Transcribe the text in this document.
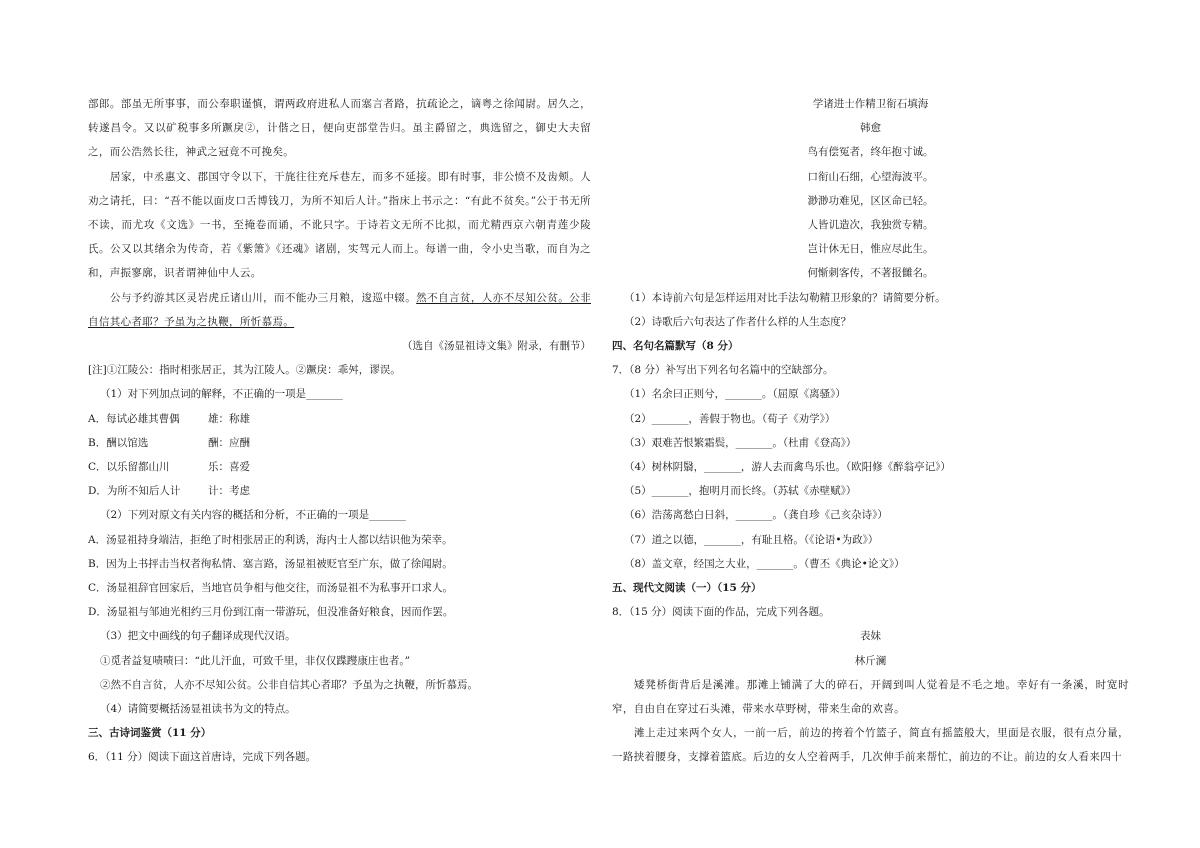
部郎。部虽无所事事，而公奉职谨慎，谓两政府进私人而塞言者路，抗疏论之，谪粤之徐闻尉。居久之，转遂昌令。又以矿税事多所蹶戾②，计偕之日，便向吏部堂告归。虽主爵留之，典选留之，御史大夫留之，而公浩然长往，神武之冠竟不可挽矣。

居家，中丞惠文、郡国守令以下，干旄往往充斥巷左，而多不延接。即有时事，非公愤不及齿颊。人劝之请托，曰：“吾不能以面皮口舌博钱刀，为所不知后人计。”指床上书示之：“有此不贫矣。”公于书无所不读，而尤攻《文选》一书，至掩卷而诵，不讹只字。于诗若文无所不比拟，而尤精西京六朝青莲少陵氏。公又以其绪余为传奇，若《紫箫》《还魂》诸剧，实驾元人而上。每谱一曲，令小史当歌，而自为之和，声振寥廓，识者谓神仙中人云。

公与予约游其区灵岩虎丘诸山川，而不能办三月粮，逡巡中辍。然不自言贫，人亦不尽知公贫。公非自信其心者耶？予虽为之执鞭，所忻慕焉。

（选自《汤显祖诗文集》附录，有删节）

[注]①江陵公：指时相张居正，其为江陵人。②蹶戾：乖舛，谬误。

（1）对下列加点词的解释，不正确的一项是_______

A．每试必雄其曹偶	雄：称雄

B．酬以馆选	酬：应酬

C．以乐留都山川	乐：喜爱

D．为所不知后人计	计：考虑

（2）下列对原文有关内容的概括和分析，不正确的一项是_______

A．汤显祖持身端洁，拒绝了时相张居正的利诱，海内士人都以结识他为荣幸。

B．因为上书抨击当权者徇私情、塞言路，汤显祖被贬官至广东，做了徐闻尉。

C．汤显祖辞官回家后，当地官员争相与他交往，而汤显祖不为私事开口求人。

D．汤显祖与邹迪光相约三月份到江南一带游玩，但没准备好粮食，因而作罢。

（3）把文中画线的句子翻译成现代汉语。

①觅者益复啧啧曰：“此儿汗血，可致千里，非仅仅蹀躞康庄也者。”

②然不自言贫，人亦不尽知公贫。公非自信其心者耶？予虽为之执鞭，所忻慕焉。

（4）请简要概括汤显祖读书为文的特点。

三、古诗词鉴赏（11 分）

6．（11 分）阅读下面这首唐诗，完成下列各题。

学诸进士作精卫衔石填海

韩愈

鸟有偿冤者，终年抱寸诚。

口衔山石细，心望海波平。

渺渺功难见，区区命已轻。

人皆讥造次，我独赏专精。

岂计休无日，惟应尽此生。

何惭刺客传，不著报雠名。

（1）本诗前六句是怎样运用对比手法勾勒精卫形象的？请简要分析。

（2）诗歌后六句表达了作者什么样的人生态度？

四、名句名篇默写（8 分）

7．（8 分）补写出下列名句名篇中的空缺部分。

（1）名余曰正则兮，_______。（屈原《离骚》）

（2）_______，善假于物也。（荀子《劝学》）

（3）艰难苦恨繁霜鬓，_______。（杜甫《登高》）

（4）树林阴翳，_______，游人去而禽鸟乐也。（欧阳修《醉翁亭记》）

（5）_______，抱明月而长终。（苏轼《赤壁赋》）

（6）浩荡离愁白日斜，_______。（龚自珍《己亥杂诗》）

（7）道之以德，_______，有耻且格。（《论语•为政》）

（8）盖文章，经国之大业，_______。（曹丕《典论•论文》）

五、现代文阅读（一）（15 分）

8．（15 分）阅读下面的作品，完成下列各题。

表妹

林斤澜

矮凳桥街背后是溪滩。那滩上铺满了大的碎石，开阔到叫人觉着是不毛之地。幸好有一条溪，时宽时窄，自由自在穿过石头滩，带来水草野树，带来生命的欢喜。

滩上走过来两个女人，一前一后，前边的挎着个竹篮子，简直有摇篮般大，里面是衣服，很有点分量，一路挟着腰身，支撑着篮底。后边的女人空着两手，几次伸手前来帮忙，前边的不让。前边的女人看来四十
